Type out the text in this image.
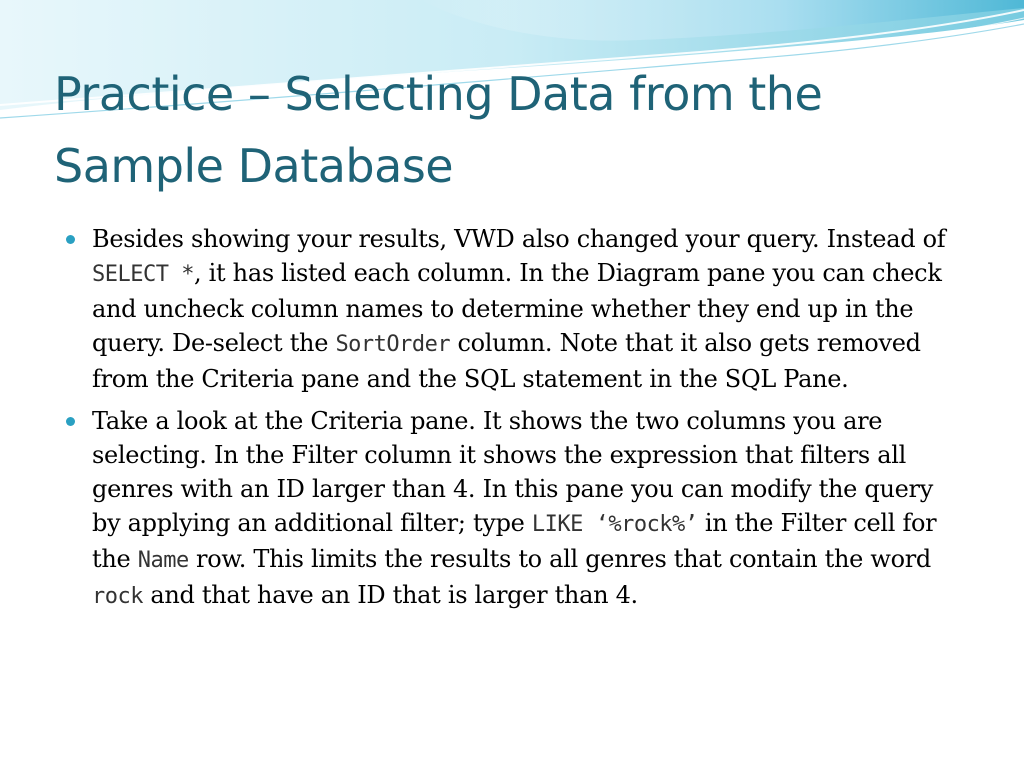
Practice – Selecting Data from the
Sample Database
Besides showing your results, VWD also changed your query. Instead of SELECT *, it has listed each column. In the Diagram pane you can check and uncheck column names to determine whether they end up in the query. De-select the SortOrder column. Note that it also gets removed from the Criteria pane and the SQL statement in the SQL Pane.
Take a look at the Criteria pane. It shows the two columns you are selecting. In the Filter column it shows the expression that filters all genres with an ID larger than 4. In this pane you can modify the query by applying an additional filter; type LIKE ‘%rock%’ in the Filter cell for the Name row. This limits the results to all genres that contain the word rock and that have an ID that is larger than 4.
